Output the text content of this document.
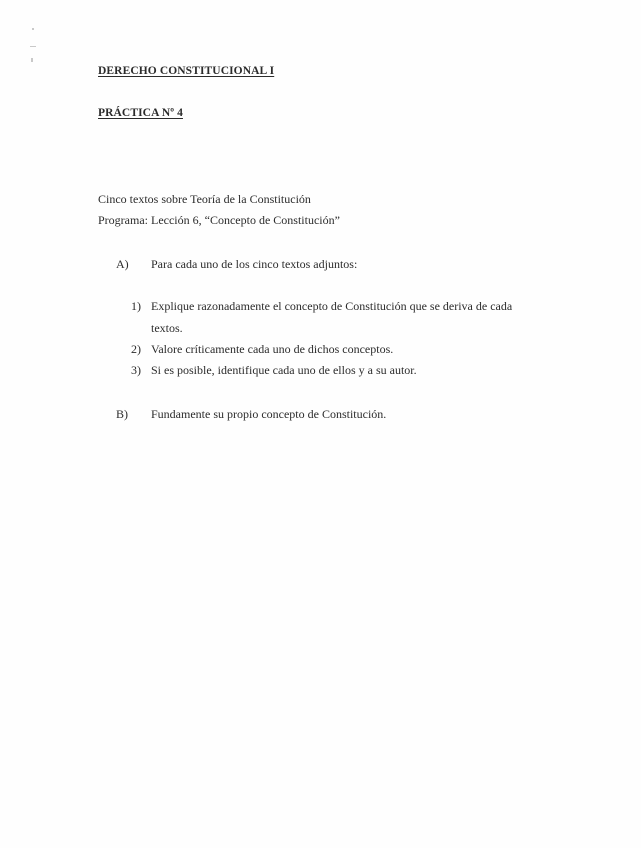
DERECHO CONSTITUCIONAL I
PRÁCTICA Nº 4
Cinco textos sobre Teoría de la Constitución
Programa: Lección 6, “Concepto de Constitución”
A) Para cada uno de los cinco textos adjuntos:
1) Explique razonadamente el concepto de Constitución que se deriva de cada
textos.
2) Valore críticamente cada uno de dichos conceptos.
3) Si es posible, identifique cada uno de ellos y a su autor.
B) Fundamente su propio concepto de Constitución.
